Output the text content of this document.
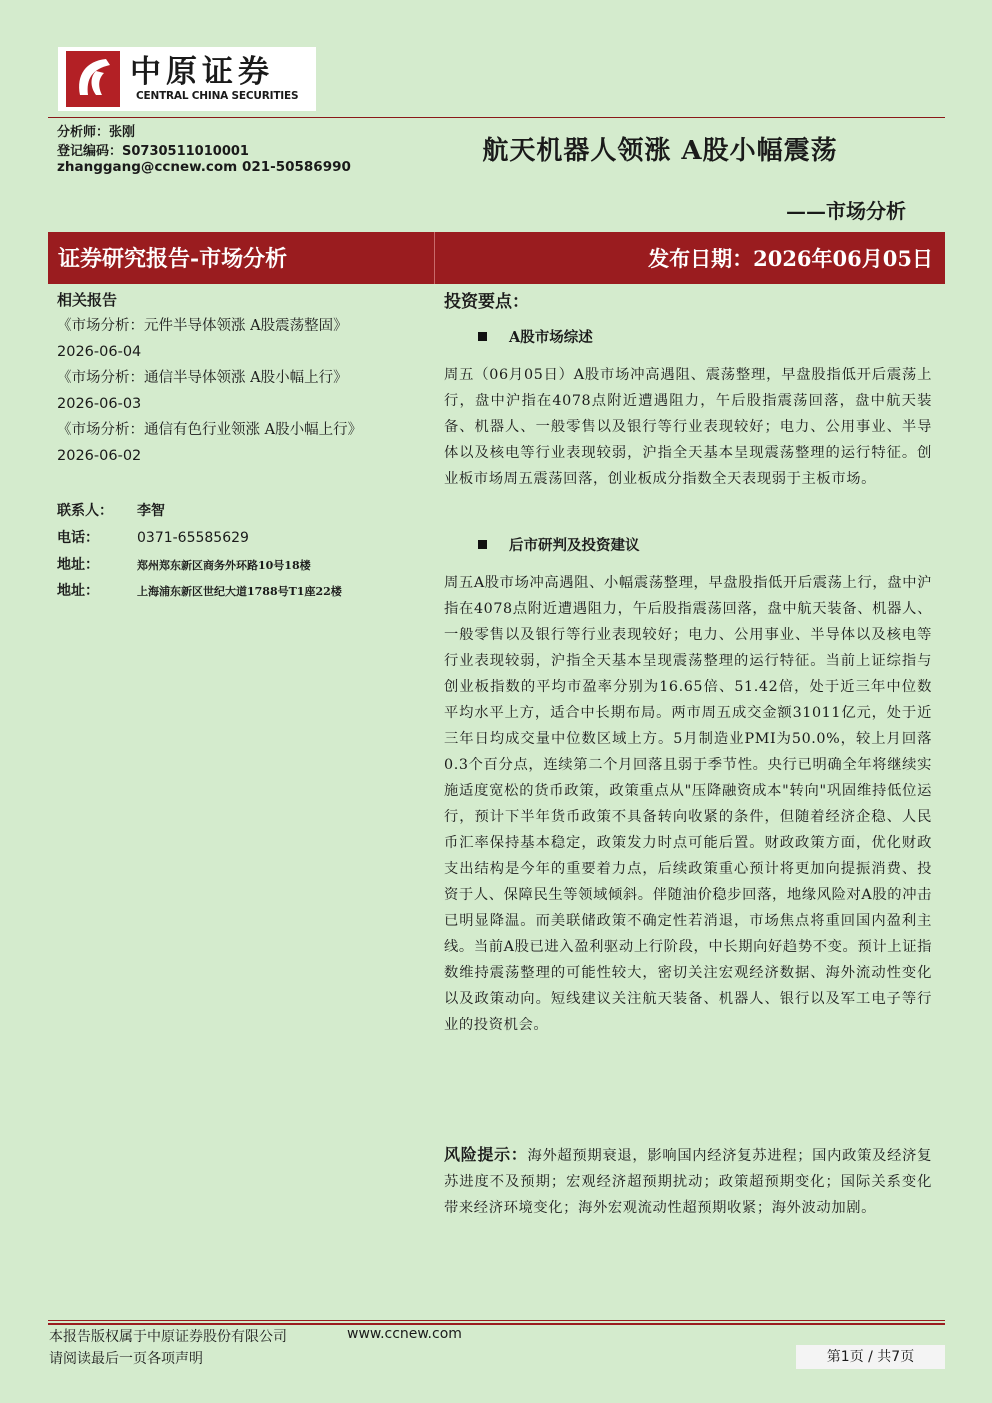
中原证券
CENTRAL CHINA SECURITIES
分析师：张刚
登记编码：S0730511010001
zhanggang@ccnew.com 021-50586990
航天机器人领涨 A股小幅震荡
——市场分析
证券研究报告-市场分析	发布日期：2026年06月05日
相关报告
《市场分析：元件半导体领涨 A股震荡整固》
2026-06-04
《市场分析：通信半导体领涨 A股小幅上行》
2026-06-03
《市场分析：通信有色行业领涨 A股小幅上行》 2026-06-02
联系人： 李智
电话：	0371-65585629
地址：	郑州郑东新区商务外环路10号18楼
地址：	上海浦东新区世纪大道1788号T1座22楼
投资要点：
A股市场综述
周五（06月05日）A股市场冲高遇阻、震荡整理，早盘股指低开后震荡上行，盘中沪指在4078点附近遭遇阻力，午后股指震荡回落，盘中航天装备、机器人、一般零售以及银行等行业表现较好；电力、公用事业、半导体以及核电等行业表现较弱，沪指全天基本呈现震荡整理的运行特征。创业板市场周五震荡回落，创业板成分指数全天表现弱于主板市场。
后市研判及投资建议
周五A股市场冲高遇阻、小幅震荡整理，早盘股指低开后震荡上行，盘中沪指在4078点附近遭遇阻力，午后股指震荡回落，盘中航天装备、机器人、一般零售以及银行等行业表现较好；电力、公用事业、半导体以及核电等行业表现较弱，沪指全天基本呈现震荡整理的运行特征。当前上证综指与创业板指数的平均市盈率分别为16.65倍、51.42倍，处于近三年中位数平均水平上方，适合中长期布局。两市周五成交金额31011亿元，处于近三年日均成交量中位数区域上方。5月制造业PMI为50.0%，较上月回落0.3个百分点，连续第二个月回落且弱于季节性。央行已明确全年将继续实施适度宽松的货币政策，政策重点从"压降融资成本"转向"巩固维持低位运行，预计下半年货币政策不具备转向收紧的条件，但随着经济企稳、人民币汇率保持基本稳定，政策发力时点可能后置。财政政策方面，优化财政支出结构是今年的重要着力点，后续政策重心预计将更加向提振消费、投资于人、保障民生等领域倾斜。伴随油价稳步回落，地缘风险对A股的冲击已明显降温。而美联储政策不确定性若消退，市场焦点将重回国内盈利主线。当前A股已进入盈利驱动上行阶段，中长期向好趋势不变。预计上证指数维持震荡整理的可能性较大，密切关注宏观经济数据、海外流动性变化以及政策动向。短线建议关注航天装备、机器人、银行以及军工电子等行业的投资机会。
风险提示：海外超预期衰退，影响国内经济复苏进程；国内政策及经济复苏进度不及预期；宏观经济超预期扰动；政策超预期变化；国际关系变化带来经济环境变化；海外宏观流动性超预期收紧；海外波动加剧。
本报告版权属于中原证券股份有限公司	www.ccnew.com
请阅读最后一页各项声明	第1页 / 共7页
